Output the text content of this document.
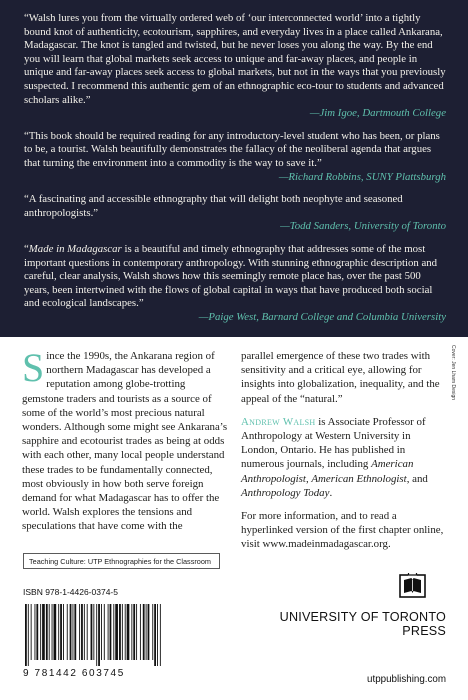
“Walsh lures you from the virtually ordered web of ‘our interconnected world’ into a tightly bound knot of authenticity, ecotourism, sapphires, and everyday lives in a place called Ankarana, Madagascar. The knot is tangled and twisted, but he never loses you along the way. By the end you will learn that global markets seek access to unique and far-away places, and people in unique and far-away places seek access to global markets, but not in the ways that you previously suspected. I recommend this authentic gem of an ethnographic eco-tour to students and advanced scholars alike.”
—Jim Igoe, Dartmouth College

“This book should be required reading for any introductory-level student who has been, or plans to be, a tourist. Walsh beautifully demonstrates the fallacy of the neoliberal agenda that argues that turning the environment into a commodity is the way to save it.”
—Richard Robbins, SUNY Plattsburgh

“A fascinating and accessible ethnography that will delight both neophyte and seasoned anthropologists.”
—Todd Sanders, University of Toronto

“Made in Madagascar is a beautiful and timely ethnography that addresses some of the most important questions in contemporary anthropology. With stunning ethnographic description and careful, clear analysis, Walsh shows how this seemingly remote place has, over the past 500 years, been intertwined with the flows of global capital in ways that have produced both social and ecological landscapes.”
—Paige West, Barnard College and Columbia University

Cover: Jen Lham Design

Since the 1990s, the Ankarana region of northern Madagascar has developed a reputation among globe-trotting gemstone traders and tourists as a source of some of the world’s most precious natural wonders. Although some might see Ankarana’s sapphire and ecotourist trades as being at odds with each other, many local people understand these trades to be fundamentally connected, most obviously in how both serve foreign demand for what Madagascar has to offer the world. Walsh explores the tensions and speculations that have come with the

parallel emergence of these two trades with sensitivity and a critical eye, allowing for insights into globalization, inequality, and the appeal of the “natural.”

Andrew Walsh is Associate Professor of Anthropology at Western University in London, Ontario. He has published in numerous journals, including American Anthropologist, American Ethnologist, and Anthropology Today.

For more information, and to read a hyperlinked version of the first chapter online, visit www.madeinmadagascar.org.

Teaching Culture: UTP Ethnographies for the Classroom
ISBN 978-1-4426-0374-5
9 781442 603745
UNIVERSITY OF TORONTO PRESS
utppublishing.com
